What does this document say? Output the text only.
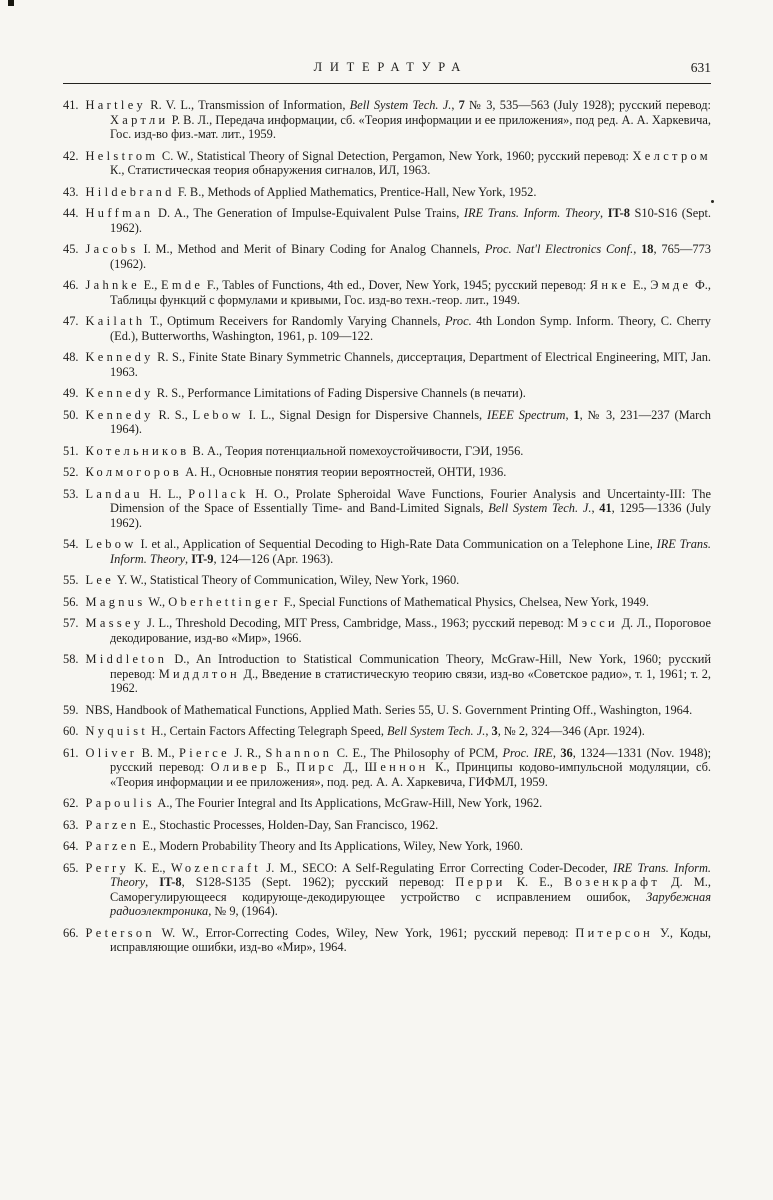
ЛИТЕРАТУРА	631
41. Hartley R. V. L., Transmission of Information, Bell System Tech. J., 7 № 3, 535—563 (July 1928); русский перевод: Хартли Р. В. Л., Передача информации, сб. «Теория информации и ее приложения», под ред. А. А. Харкевича, Гос. изд-во физ.-мат. лит., 1959.
42. Helstrom C. W., Statistical Theory of Signal Detection, Pergamon, New York, 1960; русский перевод: Хелстром К., Статистическая теория обнаружения сигналов, ИЛ, 1963.
43. Hildebrand F. B., Methods of Applied Mathematics, Prentice-Hall, New York, 1952.
44. Huffman D. A., The Generation of Impulse-Equivalent Pulse Trains, IRE Trans. Inform. Theory, IT-8 S10-S16 (Sept. 1962).
45. Jacobs I. M., Method and Merit of Binary Coding for Analog Channels, Proc. Nat'l Electronics Conf., 18, 765—773 (1962).
46. Jahnke E., Emde F., Tables of Functions, 4th ed., Dover, New York, 1945; русский перевод: Янке Е., Эмде Ф., Таблицы функций с формулами и кривыми, Гос. изд-во техн.-теор. лит., 1949.
47. Kailath T., Optimum Receivers for Randomly Varying Channels, Proc. 4th London Symp. Inform. Theory, C. Cherry (Ed.), Butterworths, Washington, 1961, p. 109—122.
48. Kennedy R. S., Finite State Binary Symmetric Channels, диссертация, Department of Electrical Engineering, MIT, Jan. 1963.
49. Kennedy R. S., Performance Limitations of Fading Dispersive Channels (в печати).
50. Kennedy R. S., Lebow I. L., Signal Design for Dispersive Channels, IEEE Spectrum, 1, № 3, 231—237 (March 1964).
51. Котельников В. А., Теория потенциальной помехоустойчивости, ГЭИ, 1956.
52. Колмогоров А. Н., Основные понятия теории вероятностей, ОНТИ, 1936.
53. Landau H. L., Pollack H. O., Prolate Spheroidal Wave Functions, Fourier Analysis and Uncertainty-III: The Dimension of the Space of Essentially Time- and Band-Limited Signals, Bell System Tech. J., 41, 1295—1336 (July 1962).
54. Lebow I. et al., Application of Sequential Decoding to High-Rate Data Communication on a Telephone Line, IRE Trans. Inform. Theory, IT-9, 124—126 (Apr. 1963).
55. Lee Y. W., Statistical Theory of Communication, Wiley, New York, 1960.
56. Magnus W., Oberhettinger F., Special Functions of Mathematical Physics, Chelsea, New York, 1949.
57. Massey J. L., Threshold Decoding, MIT Press, Cambridge, Mass., 1963; русский перевод: Мэсси Д. Л., Пороговое декодирование, изд-во «Мир», 1966.
58. Middleton D., An Introduction to Statistical Communication Theory, McGraw-Hill, New York, 1960; русский перевод: Миддлтон Д., Введение в статистическую теорию связи, изд-во «Советское радио», т. 1, 1961; т. 2, 1962.
59. NBS, Handbook of Mathematical Functions, Applied Math. Series 55, U. S. Government Printing Off., Washington, 1964.
60. Nyquist H., Certain Factors Affecting Telegraph Speed, Bell System Tech. J., 3, № 2, 324—346 (Apr. 1924).
61. Oliver B. M., Pierce J. R., Shannon C. E., The Philosophy of PCM, Proc. IRE, 36, 1324—1331 (Nov. 1948); русский перевод: Оливер Б., Пирс Д., Шеннон К., Принципы кодово-импульсной модуляции, сб. «Теория информации и ее приложения», под. ред. А. А. Харкевича, ГИФМЛ, 1959.
62. Papoulis A., The Fourier Integral and Its Applications, McGraw-Hill, New York, 1962.
63. Parzen E., Stochastic Processes, Holden-Day, San Francisco, 1962.
64. Parzen E., Modern Probability Theory and Its Applications, Wiley, New York, 1960.
65. Perry K. E., Wozencraft J. M., SECO: A Self-Regulating Error Correcting Coder-Decoder, IRE Trans. Inform. Theory, IT-8, S128-S135 (Sept. 1962); русский перевод: Перри К. Е., Возенкрафт Д. М., Саморегулирующееся кодирующе-декодирующее устройство с исправлением ошибок, Зарубежная радиоэлектроника, № 9, (1964).
66. Peterson W. W., Error-Correcting Codes, Wiley, New York, 1961; русский перевод: Питерсон У., Коды, исправляющие ошибки, изд-во «Мир», 1964.
